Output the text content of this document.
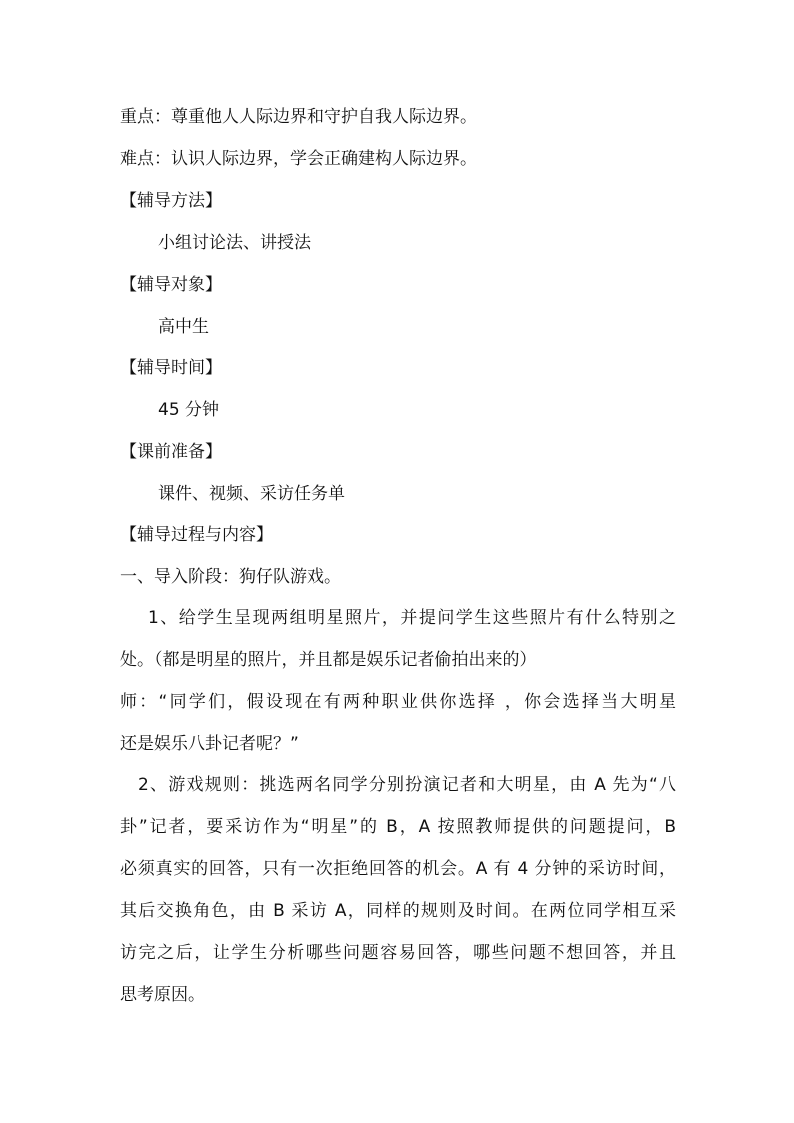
重点：尊重他人人际边界和守护自我人际边界。
难点：认识人际边界，学会正确建构人际边界。
【辅导方法】
小组讨论法、讲授法
【辅导对象】
高中生
【辅导时间】
45 分钟
【课前准备】
课件、视频、采访任务单
【辅导过程与内容】
一、导入阶段：狗仔队游戏。
1、给学生呈现两组明星照片，并提问学生这些照片有什么特别之
处。（都是明星的照片，并且都是娱乐记者偷拍出来的）
师：“同学们，假设现在有两种职业供你选择 ，你会选择当大明星
还是娱乐八卦记者呢？”
2、游戏规则：挑选两名同学分别扮演记者和大明星，由 A 先为“八
卦”记者，要采访作为“明星”的 B，A 按照教师提供的问题提问，B
必须真实的回答，只有一次拒绝回答的机会。A 有 4 分钟的采访时间，
其后交换角色，由 B 采访 A，同样的规则及时间。在两位同学相互采
访完之后，让学生分析哪些问题容易回答，哪些问题不想回答，并且
思考原因。
